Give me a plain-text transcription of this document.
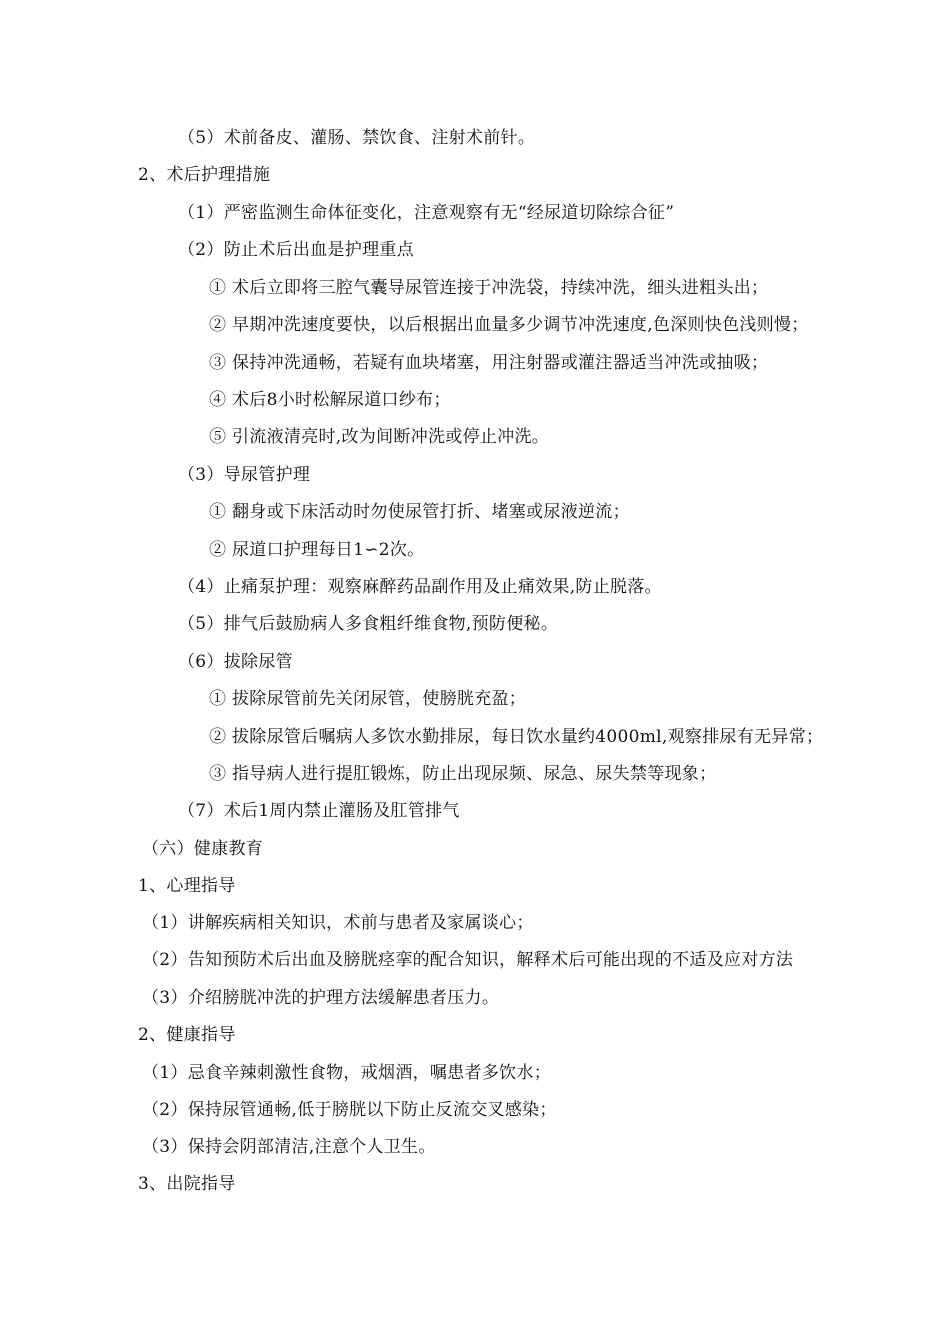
（5）术前备皮、灌肠、禁饮食、注射术前针。
2、术后护理措施
（1）严密监测生命体征变化，注意观察有无“经尿道切除综合征”
（2）防止术后出血是护理重点
① 术后立即将三腔气囊导尿管连接于冲洗袋，持续冲洗，细头进粗头出；
② 早期冲洗速度要快，以后根据出血量多少调节冲洗速度,色深则快色浅则慢；
③ 保持冲洗通畅，若疑有血块堵塞，用注射器或灌注器适当冲洗或抽吸；
④ 术后8小时松解尿道口纱布；
⑤ 引流液清亮时,改为间断冲洗或停止冲洗。
（3）导尿管护理
① 翻身或下床活动时勿使尿管打折、堵塞或尿液逆流；
② 尿道口护理每日1∽2次。
（4）止痛泵护理：观察麻醉药品副作用及止痛效果,防止脱落。
（5）排气后鼓励病人多食粗纤维食物,预防便秘。
（6）拔除尿管
① 拔除尿管前先关闭尿管，使膀胱充盈；
② 拔除尿管后嘱病人多饮水勤排尿，每日饮水量约4000ml,观察排尿有无异常；
③ 指导病人进行提肛锻炼，防止出现尿频、尿急、尿失禁等现象；
（7）术后1周内禁止灌肠及肛管排气
（六）健康教育
1、心理指导
（1）讲解疾病相关知识，术前与患者及家属谈心；
（2）告知预防术后出血及膀胱痉挛的配合知识，解释术后可能出现的不适及应对方法
（3）介绍膀胱冲洗的护理方法缓解患者压力。
2、健康指导
（1）忌食辛辣刺激性食物，戒烟酒，嘱患者多饮水；
（2）保持尿管通畅,低于膀胱以下防止反流交叉感染；
（3）保持会阴部清洁,注意个人卫生。
3、出院指导
